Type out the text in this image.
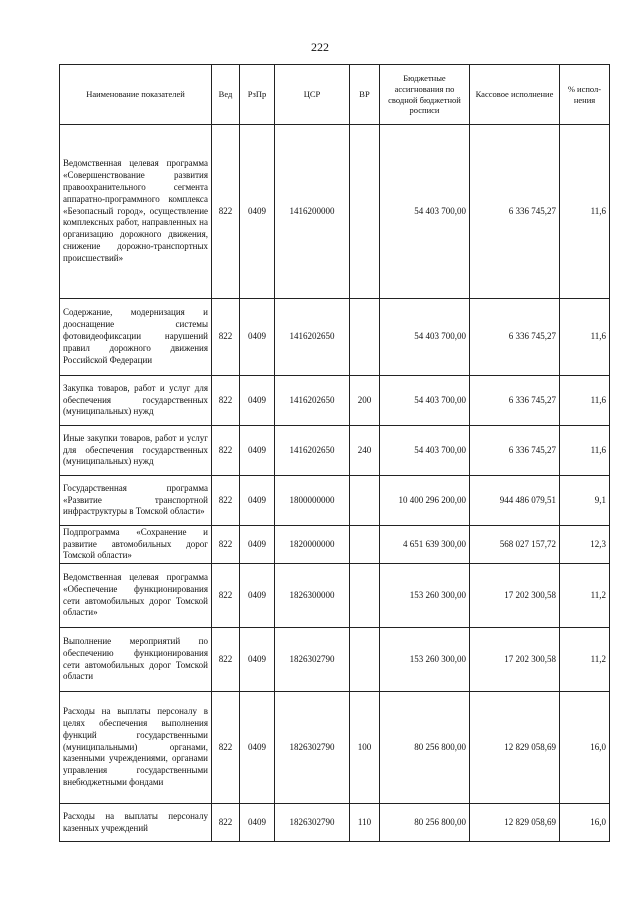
222
Наименование показателей	Вед	РзПр	ЦСР	ВР	Бюджетные ассигнования по сводной бюджетной росписи	Кассовое исполнение	% испол-нения
Ведомственная целевая программа «Совершенствование развития правоохранительного сегмента аппаратно-программного комплекса «Безопасный город», осуществление комплексных работ, направленных на организацию дорожного движения, снижение дорожно-транспортных происшествий»	822	0409	1416200000		54 403 700,00	6 336 745,27	11,6
Содержание, модернизация и дооснащение системы фотовидеофиксации нарушений правил дорожного движения Российской Федерации	822	0409	1416202650		54 403 700,00	6 336 745,27	11,6
Закупка товаров, работ и услуг для обеспечения государственных (муниципальных) нужд	822	0409	1416202650	200	54 403 700,00	6 336 745,27	11,6
Иные закупки товаров, работ и услуг для обеспечения государственных (муниципальных) нужд	822	0409	1416202650	240	54 403 700,00	6 336 745,27	11,6
Государственная программа «Развитие транспортной инфраструктуры в Томской области»	822	0409	1800000000		10 400 296 200,00	944 486 079,51	9,1
Подпрограмма «Сохранение и развитие автомобильных дорог Томской области»	822	0409	1820000000		4 651 639 300,00	568 027 157,72	12,3
Ведомственная целевая программа «Обеспечение функционирования сети автомобильных дорог Томской области»	822	0409	1826300000		153 260 300,00	17 202 300,58	11,2
Выполнение мероприятий по обеспечению функционирования сети автомобильных дорог Томской области	822	0409	1826302790		153 260 300,00	17 202 300,58	11,2
Расходы на выплаты персоналу в целях обеспечения выполнения функций государственными (муниципальными) органами, казенными учреждениями, органами управления государственными внебюджетными фондами	822	0409	1826302790	100	80 256 800,00	12 829 058,69	16,0
Расходы на выплаты персоналу казенных учреждений	822	0409	1826302790	110	80 256 800,00	12 829 058,69	16,0
